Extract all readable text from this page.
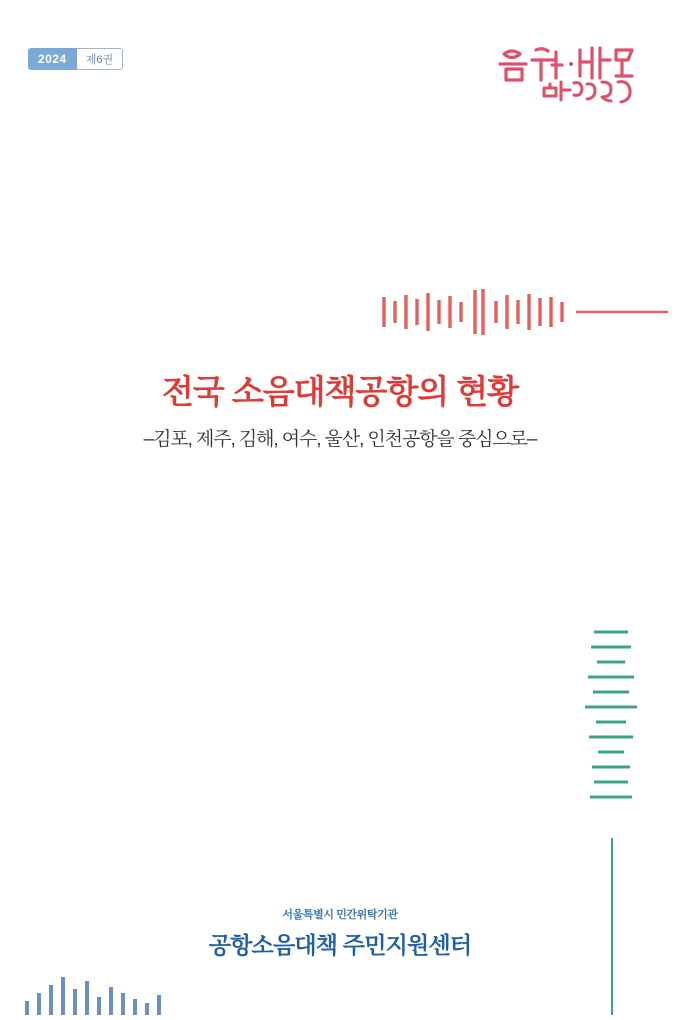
2024	제6권
전국 소음대책공항의 현황
–김포, 제주, 김해, 여수, 울산, 인천공항을 중심으로–
서울특별시 민간위탁기관
공항소음대책 주민지원센터
